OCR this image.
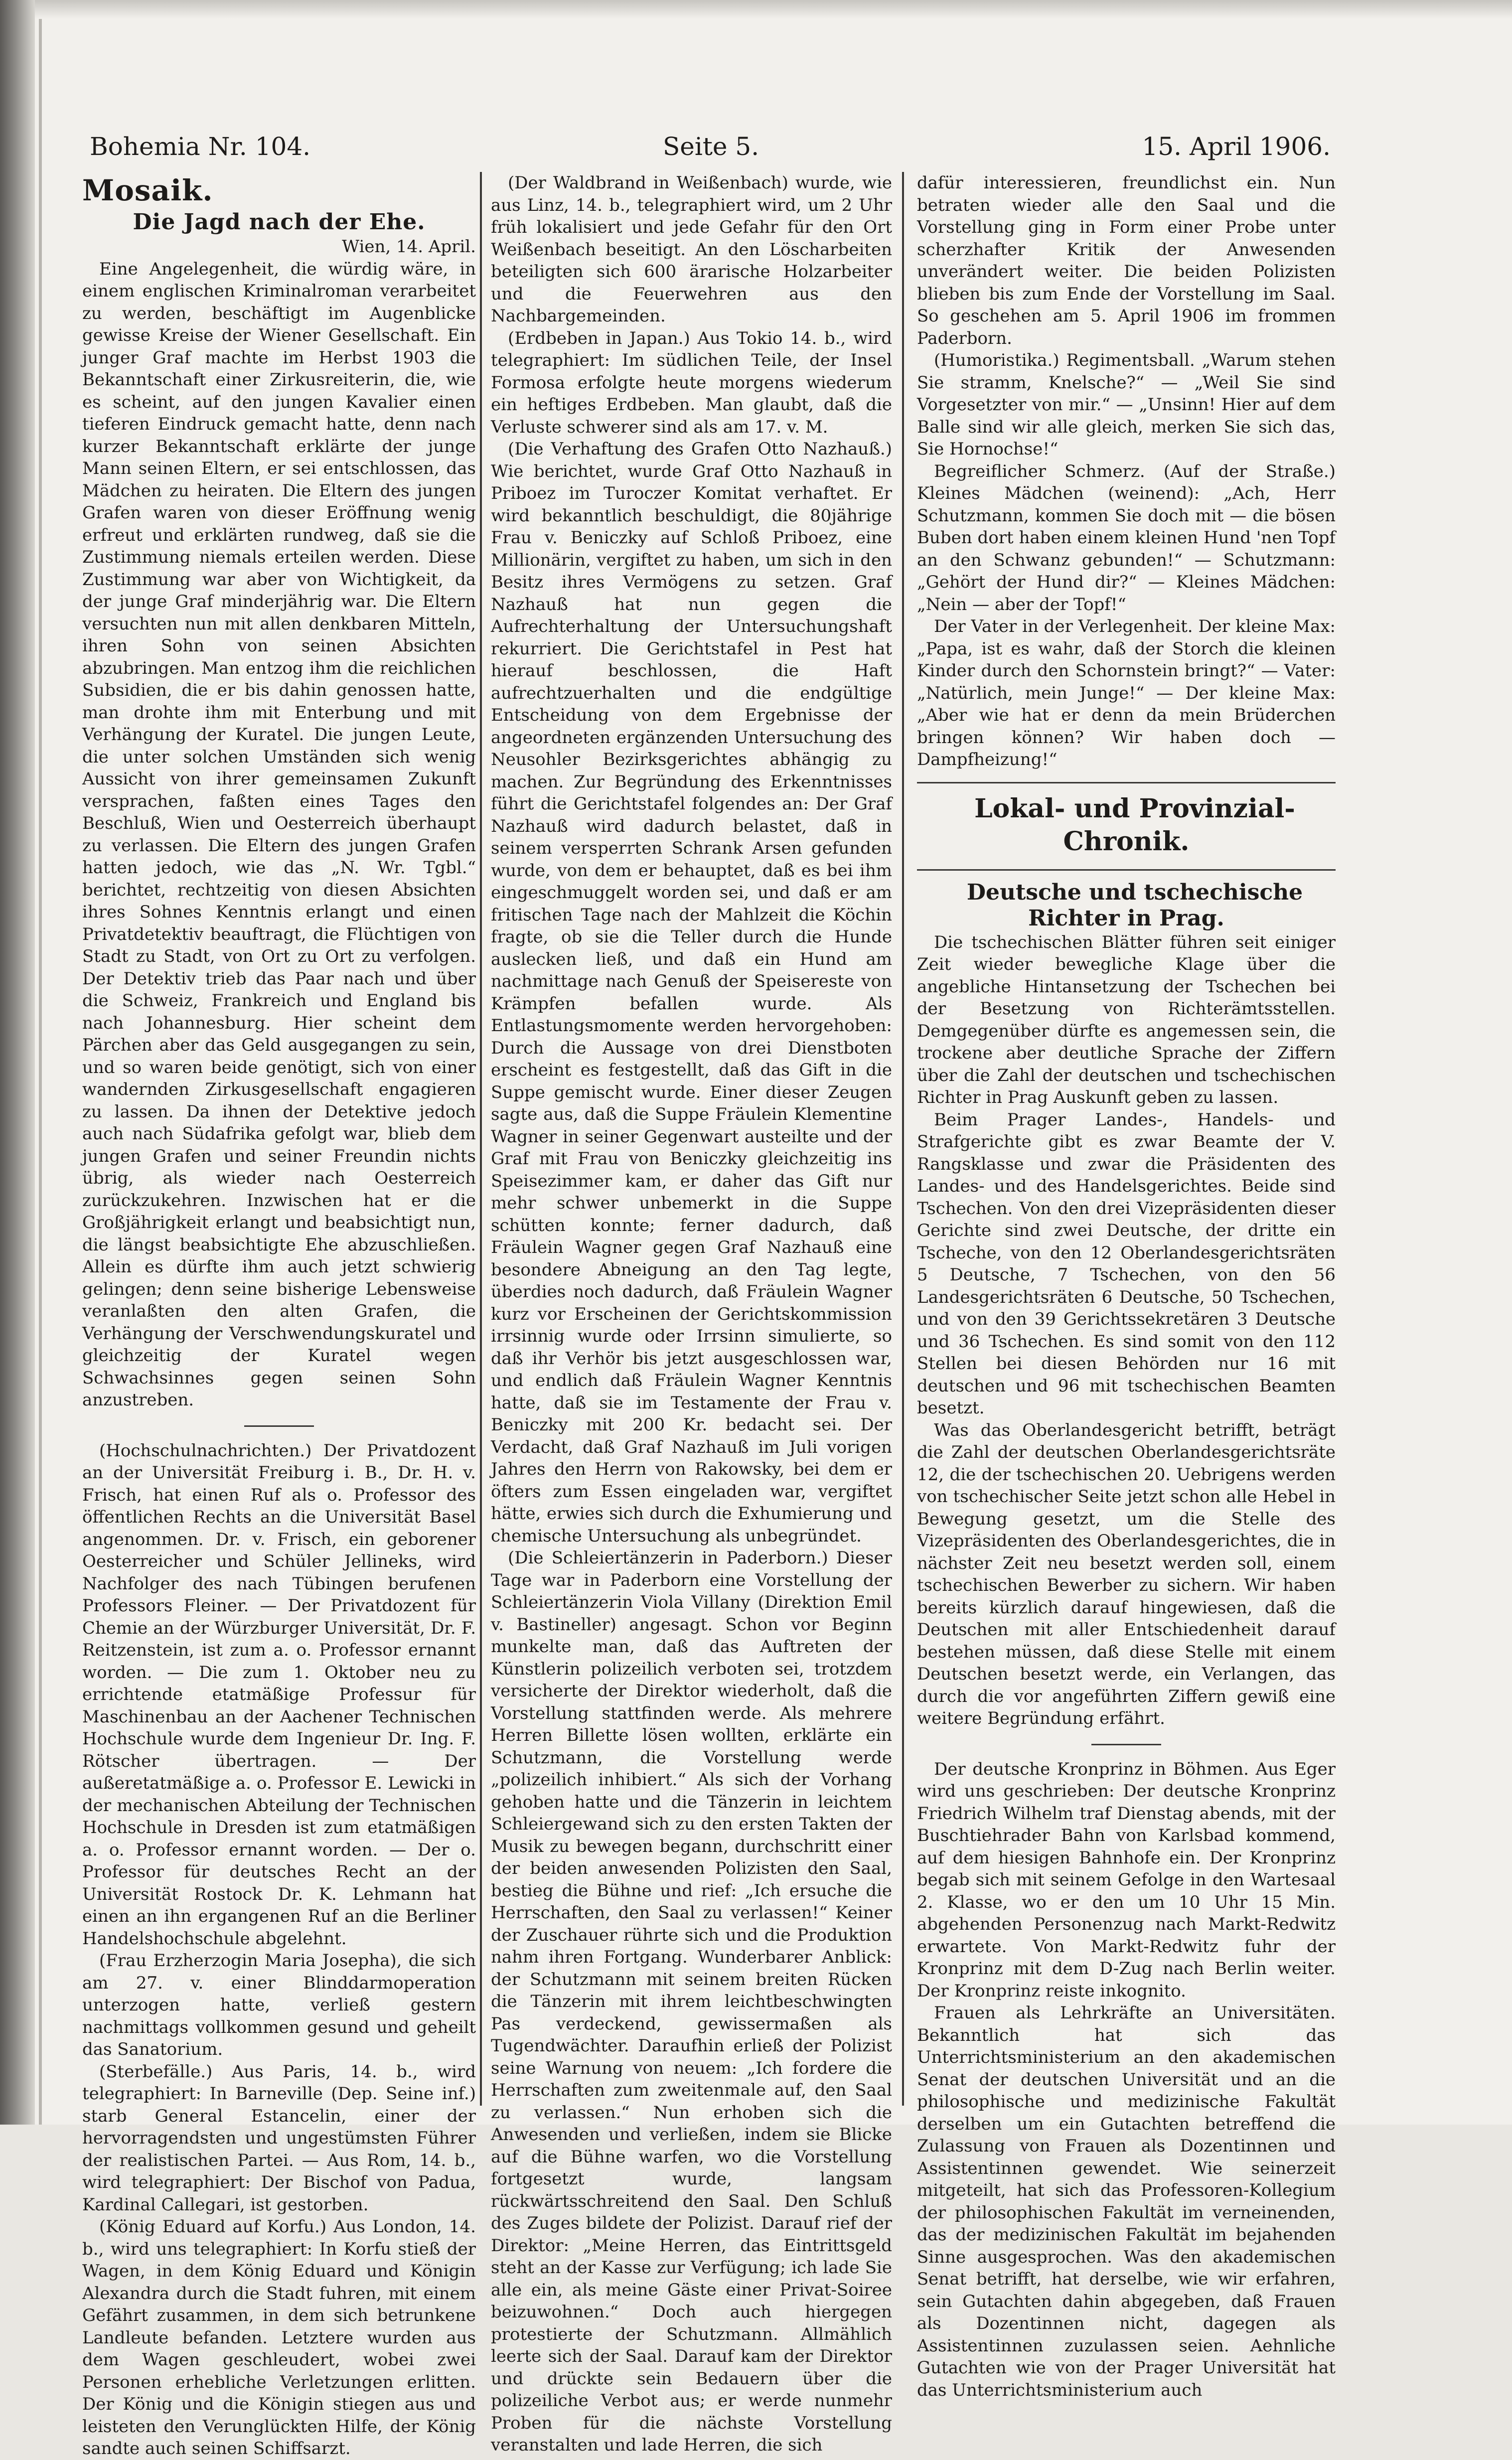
Bohemia Nr. 104.	Seite 5.	15. April 1906.

Mosaik.

Die Jagd nach der Ehe.

Wien, 14. April.

Eine Angelegenheit, die würdig wäre, in einem englischen Kriminalroman verarbeitet zu werden, beschäftigt im Augenblicke gewisse Kreise der Wiener Gesellschaft. Ein junger Graf machte im Herbst 1903 die Bekanntschaft einer Zirkusreiterin, die, wie es scheint, auf den jungen Kavalier einen tieferen Eindruck gemacht hatte, denn nach kurzer Bekanntschaft erklärte der junge Mann seinen Eltern, er sei entschlossen, das Mädchen zu heiraten. Die Eltern des jungen Grafen waren von dieser Eröffnung wenig erfreut und erklärten rundweg, daß sie die Zustimmung niemals erteilen werden. Diese Zustimmung war aber von Wichtigkeit, da der junge Graf minderjährig war. Die Eltern versuchten nun mit allen denkbaren Mitteln, ihren Sohn von seinen Absichten abzubringen. Man entzog ihm die reichlichen Subsidien, die er bis dahin genossen hatte, man drohte ihm mit Enterbung und mit Verhängung der Kuratel. Die jungen Leute, die unter solchen Umständen sich wenig Aussicht von ihrer gemeinsamen Zukunft versprachen, faßten eines Tages den Beschluß, Wien und Oesterreich überhaupt zu verlassen. Die Eltern des jungen Grafen hatten jedoch, wie das „N. Wr. Tgbl.“ berichtet, rechtzeitig von diesen Absichten ihres Sohnes Kenntnis erlangt und einen Privatdetektiv beauftragt, die Flüchtigen von Stadt zu Stadt, von Ort zu Ort zu verfolgen. Der Detektiv trieb das Paar nach und über die Schweiz, Frankreich und England bis nach Johannesburg. Hier scheint dem Pärchen aber das Geld ausgegangen zu sein, und so waren beide genötigt, sich von einer wandernden Zirkusgesellschaft engagieren zu lassen. Da ihnen der Detektive jedoch auch nach Südafrika gefolgt war, blieb dem jungen Grafen und seiner Freundin nichts übrig, als wieder nach Oesterreich zurückzukehren. Inzwischen hat er die Großjährigkeit erlangt und beabsichtigt nun, die längst beabsichtigte Ehe abzuschließen. Allein es dürfte ihm auch jetzt schwierig gelingen; denn seine bisherige Lebensweise veranlaßten den alten Grafen, die Verhängung der Verschwendungskuratel und gleichzeitig der Kuratel wegen Schwachsinnes gegen seinen Sohn anzustreben.

(Hochschulnachrichten.) Der Privatdozent an der Universität Freiburg i. B., Dr. H. v. Frisch, hat einen Ruf als o. Professor des öffentlichen Rechts an die Universität Basel angenommen. Dr. v. Frisch, ein geborener Oesterreicher und Schüler Jellineks, wird Nachfolger des nach Tübingen berufenen Professors Fleiner. — Der Privatdozent für Chemie an der Würzburger Universität, Dr. F. Reitzenstein, ist zum a. o. Professor ernannt worden. — Die zum 1. Oktober neu zu errichtende etatmäßige Professur für Maschinenbau an der Aachener Technischen Hochschule wurde dem Ingenieur Dr. Ing. F. Rötscher übertragen. — Der außeretatmäßige a. o. Professor E. Lewicki in der mechanischen Abteilung der Technischen Hochschule in Dresden ist zum etatmäßigen a. o. Professor ernannt worden. — Der o. Professor für deutsches Recht an der Universität Rostock Dr. K. Lehmann hat einen an ihn ergangenen Ruf an die Berliner Handelshochschule abgelehnt.

(Frau Erzherzogin Maria Josepha), die sich am 27. v. einer Blinddarmoperation unterzogen hatte, verließ gestern nachmittags vollkommen gesund und geheilt das Sanatorium.

(Sterbefälle.) Aus Paris, 14. b., wird telegraphiert: In Barneville (Dep. Seine inf.) starb General Estancelin, einer der hervorragendsten und ungestümsten Führer der realistischen Partei. — Aus Rom, 14. b., wird telegraphiert: Der Bischof von Padua, Kardinal Callegari, ist gestorben.

(König Eduard auf Korfu.) Aus London, 14. b., wird uns telegraphiert: In Korfu stieß der Wagen, in dem König Eduard und Königin Alexandra durch die Stadt fuhren, mit einem Gefährt zusammen, in dem sich betrunkene Landleute befanden. Letztere wurden aus dem Wagen geschleudert, wobei zwei Personen erhebliche Verletzungen erlitten. Der König und die Königin stiegen aus und leisteten den Verunglückten Hilfe, der König sandte auch seinen Schiffsarzt.

(Der Waldbrand in Weißenbach) wurde, wie aus Linz, 14. b., telegraphiert wird, um 2 Uhr früh lokalisiert und jede Gefahr für den Ort Weißenbach beseitigt. An den Löscharbeiten beteiligten sich 600 ärarische Holzarbeiter und die Feuerwehren aus den Nachbargemeinden.

(Erdbeben in Japan.) Aus Tokio 14. b., wird telegraphiert: Im südlichen Teile, der Insel Formosa erfolgte heute morgens wiederum ein heftiges Erdbeben. Man glaubt, daß die Verluste schwerer sind als am 17. v. M.

(Die Verhaftung des Grafen Otto Nazhauß.) Wie berichtet, wurde Graf Otto Nazhauß in Priboez im Turoczer Komitat verhaftet. Er wird bekanntlich beschuldigt, die 80jährige Frau v. Beniczky auf Schloß Priboez, eine Millionärin, vergiftet zu haben, um sich in den Besitz ihres Vermögens zu setzen. Graf Nazhauß hat nun gegen die Aufrechterhaltung der Untersuchungshaft rekurriert. Die Gerichtstafel in Pest hat hierauf beschlossen, die Haft aufrechtzuerhalten und die endgültige Entscheidung von dem Ergebnisse der angeordneten ergänzenden Untersuchung des Neusohler Bezirksgerichtes abhängig zu machen. Zur Begründung des Erkenntnisses führt die Gerichtstafel folgendes an: Der Graf Nazhauß wird dadurch belastet, daß in seinem versperrten Schrank Arsen gefunden wurde, von dem er behauptet, daß es bei ihm eingeschmuggelt worden sei, und daß er am fritischen Tage nach der Mahlzeit die Köchin fragte, ob sie die Teller durch die Hunde auslecken ließ, und daß ein Hund am nachmittage nach Genuß der Speisereste von Krämpfen befallen wurde. Als Entlastungsmomente werden hervorgehoben: Durch die Aussage von drei Dienstboten erscheint es festgestellt, daß das Gift in die Suppe gemischt wurde. Einer dieser Zeugen sagte aus, daß die Suppe Fräulein Klementine Wagner in seiner Gegenwart austeilte und der Graf mit Frau von Beniczky gleichzeitig ins Speisezimmer kam, er daher das Gift nur mehr schwer unbemerkt in die Suppe schütten konnte; ferner dadurch, daß Fräulein Wagner gegen Graf Nazhauß eine besondere Abneigung an den Tag legte, überdies noch dadurch, daß Fräulein Wagner kurz vor Erscheinen der Gerichtskommission irrsinnig wurde oder Irrsinn simulierte, so daß ihr Verhör bis jetzt ausgeschlossen war, und endlich daß Fräulein Wagner Kenntnis hatte, daß sie im Testamente der Frau v. Beniczky mit 200 Kr. bedacht sei. Der Verdacht, daß Graf Nazhauß im Juli vorigen Jahres den Herrn von Rakowsky, bei dem er öfters zum Essen eingeladen war, vergiftet hätte, erwies sich durch die Exhumierung und chemische Untersuchung als unbegründet.

(Die Schleiertänzerin in Paderborn.) Dieser Tage war in Paderborn eine Vorstellung der Schleiertänzerin Viola Villany (Direktion Emil v. Bastineller) angesagt. Schon vor Beginn munkelte man, daß das Auftreten der Künstlerin polizeilich verboten sei, trotzdem versicherte der Direktor wiederholt, daß die Vorstellung stattfinden werde. Als mehrere Herren Billette lösen wollten, erklärte ein Schutzmann, die Vorstellung werde „polizeilich inhibiert.“ Als sich der Vorhang gehoben hatte und die Tänzerin in leichtem Schleiergewand sich zu den ersten Takten der Musik zu bewegen begann, durchschritt einer der beiden anwesenden Polizisten den Saal, bestieg die Bühne und rief: „Ich ersuche die Herrschaften, den Saal zu verlassen!“ Keiner der Zuschauer rührte sich und die Produktion nahm ihren Fortgang. Wunderbarer Anblick: der Schutzmann mit seinem breiten Rücken die Tänzerin mit ihrem leichtbeschwingten Pas verdeckend, gewissermaßen als Tugendwächter. Daraufhin erließ der Polizist seine Warnung von neuem: „Ich fordere die Herrschaften zum zweitenmale auf, den Saal zu verlassen.“ Nun erhoben sich die Anwesenden und verließen, indem sie Blicke auf die Bühne warfen, wo die Vorstellung fortgesetzt wurde, langsam rückwärtsschreitend den Saal. Den Schluß des Zuges bildete der Polizist. Darauf rief der Direktor: „Meine Herren, das Eintrittsgeld steht an der Kasse zur Verfügung; ich lade Sie alle ein, als meine Gäste einer Privat-Soiree beizuwohnen.“ Doch auch hiergegen protestierte der Schutzmann. Allmählich leerte sich der Saal. Darauf kam der Direktor und drückte sein Bedauern über die polizeiliche Verbot aus; er werde nunmehr Proben für die nächste Vorstellung veranstalten und lade Herren, die sich

dafür interessieren, freundlichst ein. Nun betraten wieder alle den Saal und die Vorstellung ging in Form einer Probe unter scherzhafter Kritik der Anwesenden unverändert weiter. Die beiden Polizisten blieben bis zum Ende der Vorstellung im Saal. So geschehen am 5. April 1906 im frommen Paderborn.

(Humoristika.) Regimentsball. „Warum stehen Sie stramm, Knelsche?“ — „Weil Sie sind Vorgesetzter von mir.“ — „Unsinn! Hier auf dem Balle sind wir alle gleich, merken Sie sich das, Sie Hornochse!“

Begreiflicher Schmerz. (Auf der Straße.) Kleines Mädchen (weinend): „Ach, Herr Schutzmann, kommen Sie doch mit — die bösen Buben dort haben einem kleinen Hund 'nen Topf an den Schwanz gebunden!“ — Schutzmann: „Gehört der Hund dir?“ — Kleines Mädchen: „Nein — aber der Topf!“

Der Vater in der Verlegenheit. Der kleine Max: „Papa, ist es wahr, daß der Storch die kleinen Kinder durch den Schornstein bringt?“ — Vater: „Natürlich, mein Junge!“ — Der kleine Max: „Aber wie hat er denn da mein Brüderchen bringen können? Wir haben doch — Dampfheizung!“

Lokal- und Provinzial-Chronik.

Deutsche und tschechische Richter in Prag.

Die tschechischen Blätter führen seit einiger Zeit wieder bewegliche Klage über die angebliche Hintansetzung der Tschechen bei der Besetzung von Richterämtsstellen. Demgegenüber dürfte es angemessen sein, die trockene aber deutliche Sprache der Ziffern über die Zahl der deutschen und tschechischen Richter in Prag Auskunft geben zu lassen.

Beim Prager Landes-, Handels- und Strafgerichte gibt es zwar Beamte der V. Rangsklasse und zwar die Präsidenten des Landes- und des Handelsgerichtes. Beide sind Tschechen. Von den drei Vizepräsidenten dieser Gerichte sind zwei Deutsche, der dritte ein Tscheche, von den 12 Oberlandesgerichtsräten 5 Deutsche, 7 Tschechen, von den 56 Landesgerichtsräten 6 Deutsche, 50 Tschechen, und von den 39 Gerichtssekretären 3 Deutsche und 36 Tschechen. Es sind somit von den 112 Stellen bei diesen Behörden nur 16 mit deutschen und 96 mit tschechischen Beamten besetzt.

Was das Oberlandesgericht betrifft, beträgt die Zahl der deutschen Oberlandesgerichtsräte 12, die der tschechischen 20. Uebrigens werden von tschechischer Seite jetzt schon alle Hebel in Bewegung gesetzt, um die Stelle des Vizepräsidenten des Oberlandesgerichtes, die in nächster Zeit neu besetzt werden soll, einem tschechischen Bewerber zu sichern. Wir haben bereits kürzlich darauf hingewiesen, daß die Deutschen mit aller Entschiedenheit darauf bestehen müssen, daß diese Stelle mit einem Deutschen besetzt werde, ein Verlangen, das durch die vor angeführten Ziffern gewiß eine weitere Begründung erfährt.

Der deutsche Kronprinz in Böhmen. Aus Eger wird uns geschrieben: Der deutsche Kronprinz Friedrich Wilhelm traf Dienstag abends, mit der Buschtiehrader Bahn von Karlsbad kommend, auf dem hiesigen Bahnhofe ein. Der Kronprinz begab sich mit seinem Gefolge in den Wartesaal 2. Klasse, wo er den um 10 Uhr 15 Min. abgehenden Personenzug nach Markt-Redwitz erwartete. Von Markt-Redwitz fuhr der Kronprinz mit dem D-Zug nach Berlin weiter. Der Kronprinz reiste inkognito.

Frauen als Lehrkräfte an Universitäten. Bekanntlich hat sich das Unterrichtsministerium an den akademischen Senat der deutschen Universität und an die philosophische und medizinische Fakultät derselben um ein Gutachten betreffend die Zulassung von Frauen als Dozentinnen und Assistentinnen gewendet. Wie seinerzeit mitgeteilt, hat sich das Professoren-Kollegium der philosophischen Fakultät im verneinenden, das der medizinischen Fakultät im bejahenden Sinne ausgesprochen. Was den akademischen Senat betrifft, hat derselbe, wie wir erfahren, sein Gutachten dahin abgegeben, daß Frauen als Dozentinnen nicht, dagegen als Assistentinnen zuzulassen seien. Aehnliche Gutachten wie von der Prager Universität hat das Unterrichtsministerium auch
